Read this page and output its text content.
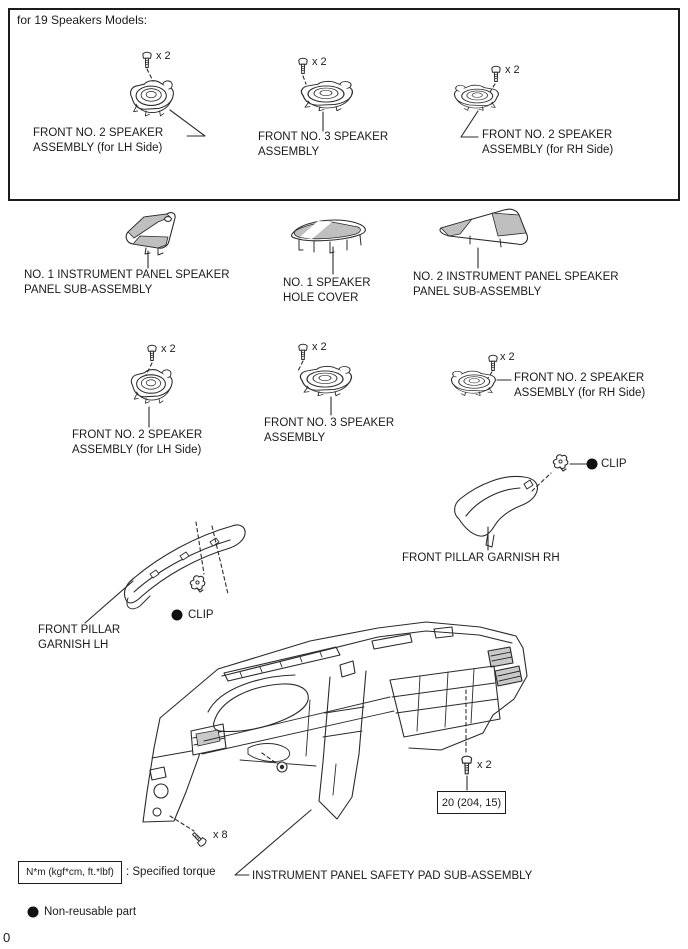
for 19 Speakers Models:
x 2	x 2
x 2
FRONT NO. 2 SPEAKER
ASSEMBLY (for LH Side)
FRONT NO. 3 SPEAKER
ASSEMBLY
FRONT NO. 2 SPEAKER
ASSEMBLY (for RH Side)
NO. 1 INSTRUMENT PANEL SPEAKER
PANEL SUB-ASSEMBLY
NO. 1 SPEAKER
HOLE COVER
NO. 2 INSTRUMENT PANEL SPEAKER
PANEL SUB-ASSEMBLY
x 2	x 2
x 2
FRONT NO. 2 SPEAKER
ASSEMBLY (for LH Side)
FRONT NO. 3 SPEAKER
ASSEMBLY
FRONT NO. 2 SPEAKER
ASSEMBLY (for RH Side)
CLIP
FRONT PILLAR GARNISH RH
CLIP
FRONT PILLAR
GARNISH LH
x 2
20 (204, 15)
x 8
INSTRUMENT PANEL SAFETY PAD SUB-ASSEMBLY
N*m (kgf*cm, ft.*lbf) : Specified torque
Non-reusable part
0
